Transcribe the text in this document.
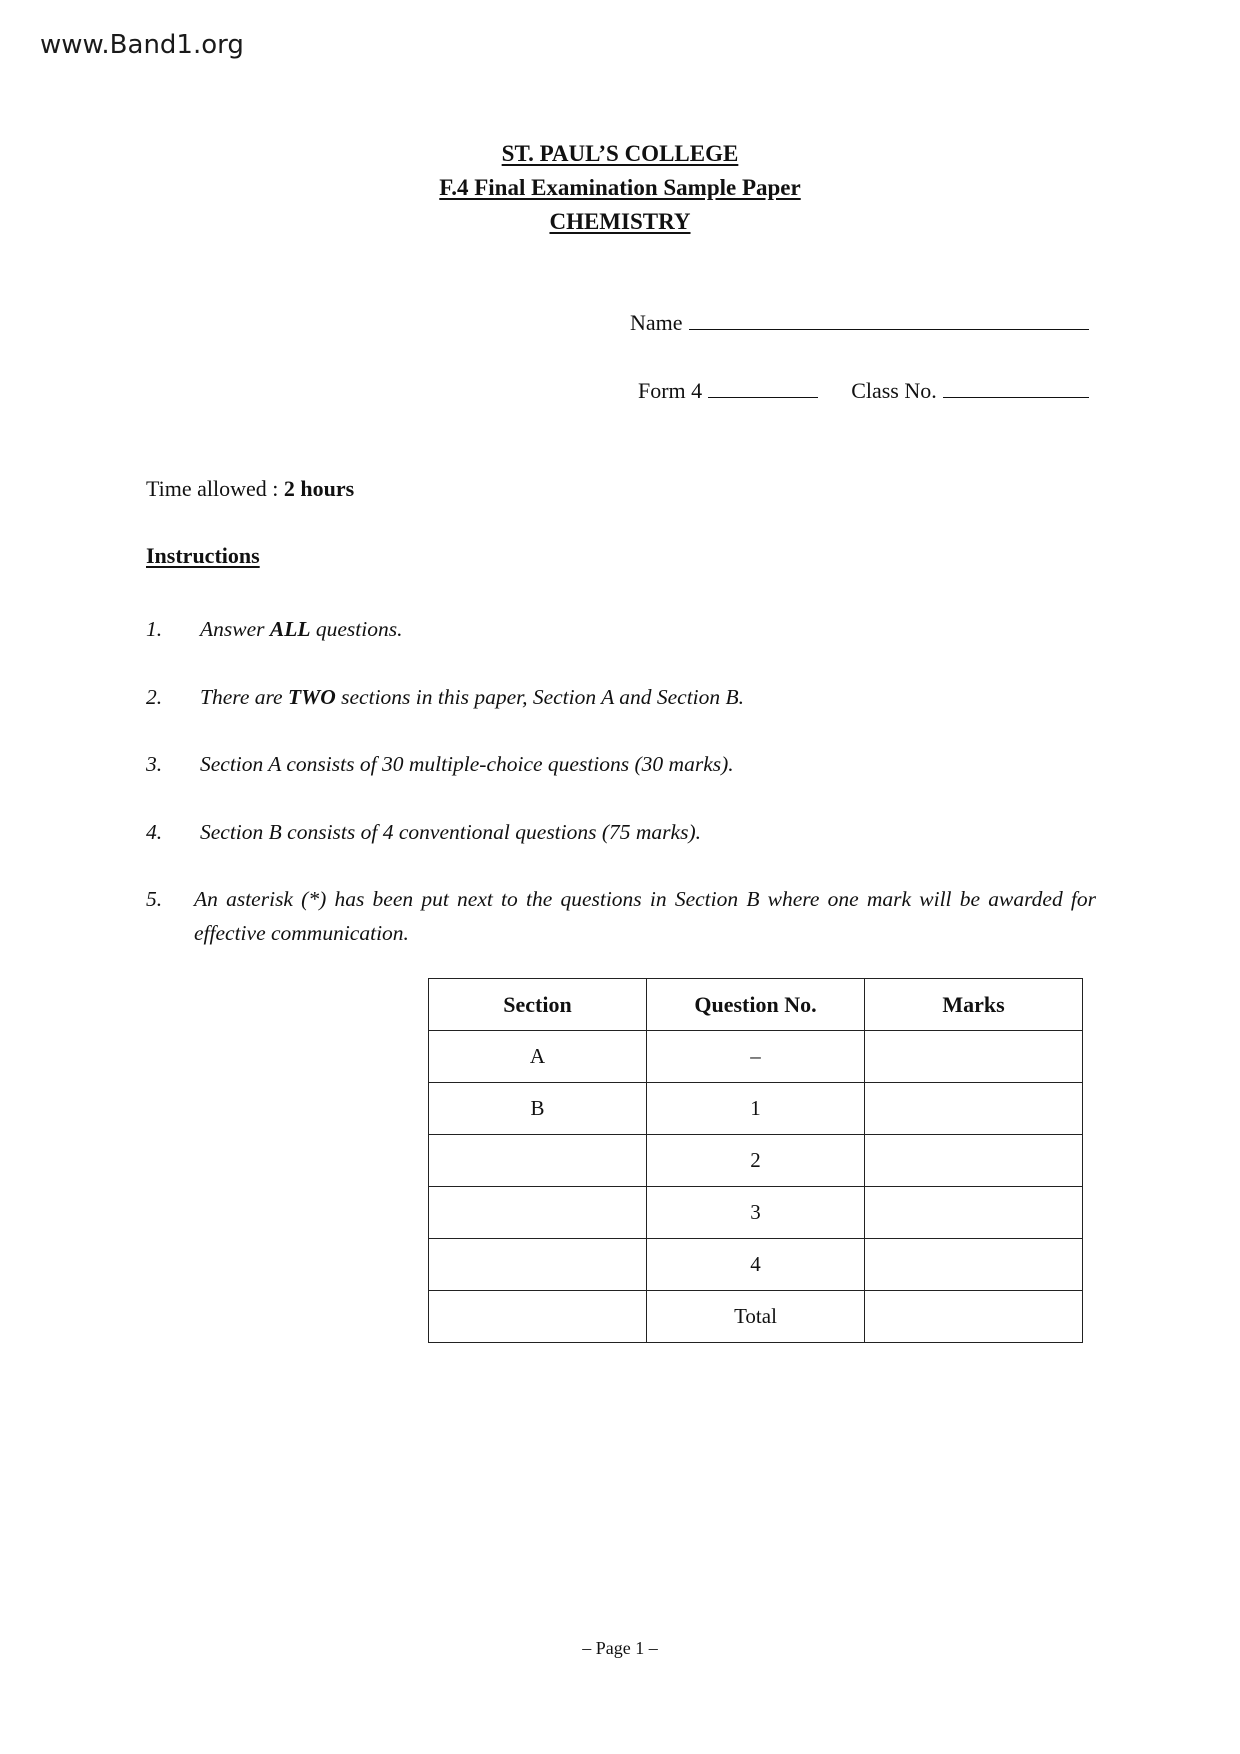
www.Band1.org
ST. PAUL’S COLLEGE
F.4 Final Examination Sample Paper
CHEMISTRY
Name
Form 4	Class No.
Time allowed : 2 hours
Instructions
1.	Answer ALL questions.
2.	There are TWO sections in this paper, Section A and Section B.
3.	Section A consists of 30 multiple-choice questions (30 marks).
4.	Section B consists of 4 conventional questions (75 marks).
5.	An asterisk (*) has been put next to the questions in Section B where one mark will be awarded for effective communication.
Section	Question No.	Marks
A	–	
B	1	
	2	
	3	
	4	
	Total	
– Page 1 –
